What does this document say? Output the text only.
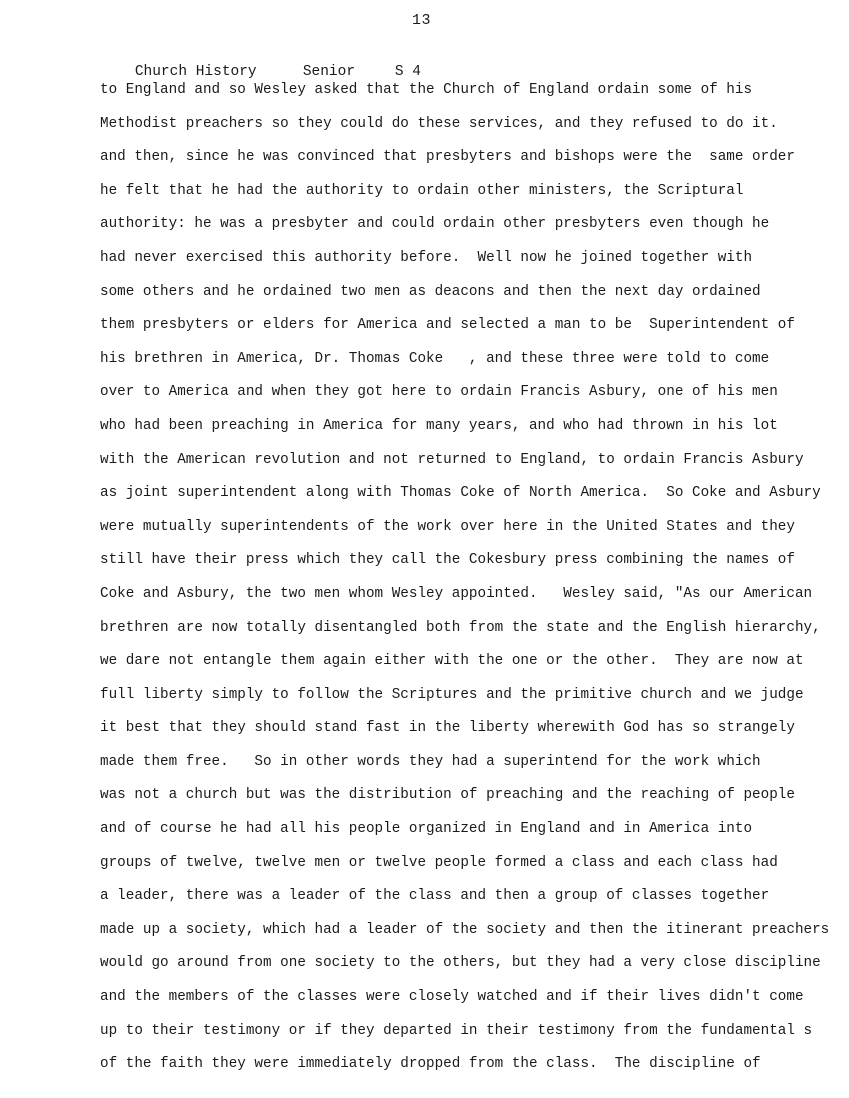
13

Church History	Senior	S 4

to England and so Wesley asked that the Church of England ordain some of his
Methodist preachers so they could do these services, and they refused to do it.
and then, since he was convinced that presbyters and bishops were the  same order
he felt that he had the authority to ordain other ministers, the Scriptural
authority: he was a presbyter and could ordain other presbyters even though he
had never exercised this authority before.  Well now he joined together with
some others and he ordained two men as deacons and then the next day ordained
them presbyters or elders for America and selected a man to be  Superintendent of
his brethren in America, Dr. Thomas Coke   , and these three were told to come
over to America and when they got here to ordain Francis Asbury, one of his men
who had been preaching in America for many years, and who had thrown in his lot
with the American revolution and not returned to England, to ordain Francis Asbury
as joint superintendent along with Thomas Coke of North America.  So Coke and Asbury
were mutually superintendents of the work over here in the United States and they
still have their press which they call the Cokesbury press combining the names of
Coke and Asbury, the two men whom Wesley appointed.   Wesley said, "As our American
brethren are now totally disentangled both from the state and the English hierarchy,
we dare not entangle them again either with the one or the other.  They are now at
full liberty simply to follow the Scriptures and the primitive church and we judge
it best that they should stand fast in the liberty wherewith God has so strangely
made them free.   So in other words they had a superintend for the work which
was not a church but was the distribution of preaching and the reaching of people
and of course he had all his people organized in England and in America into
groups of twelve, twelve men or twelve people formed a class and each class had
a leader, there was a leader of the class and then a group of classes together
made up a society, which had a leader of the society and then the itinerant preachers
would go around from one society to the others, but they had a very close discipline
and the members of the classes were closely watched and if their lives didn't come
up to their testimony or if they departed in their testimony from the fundamental s
of the faith they were immediately dropped from the class.  The discipline of
